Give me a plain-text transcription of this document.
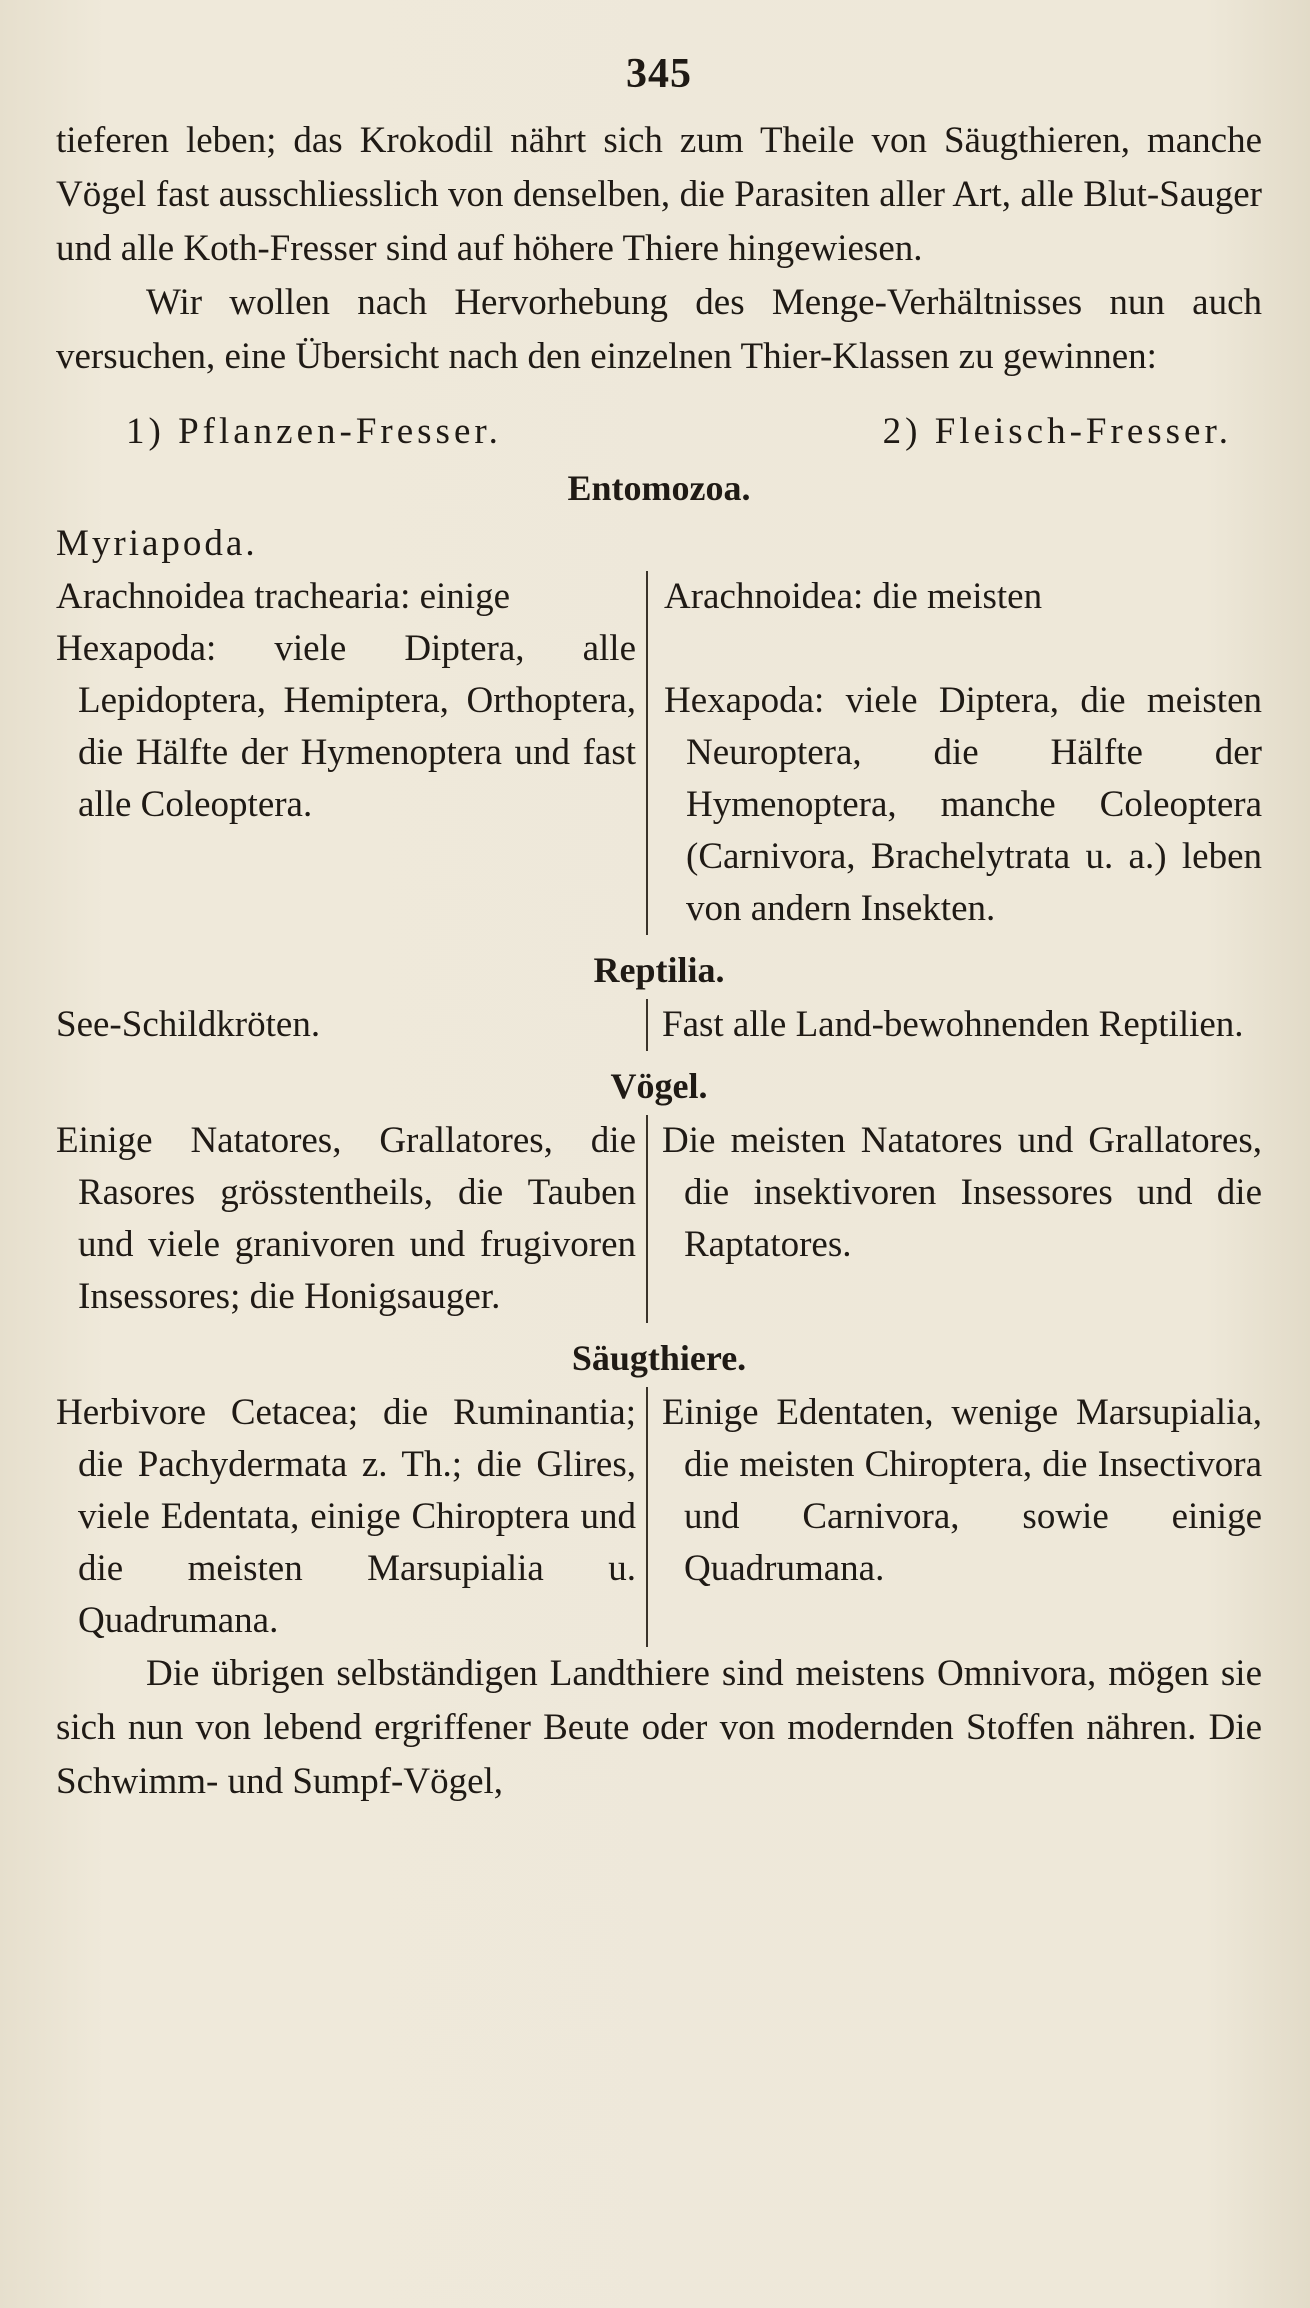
345

tieferen leben; das Krokodil nährt sich zum Theile von Säugthieren, manche Vögel fast ausschliesslich von denselben, die Parasiten aller Art, alle Blut-Sauger und alle Koth-Fresser sind auf höhere Thiere hingewiesen.

Wir wollen nach Hervorhebung des Menge-Verhältnisses nun auch versuchen, eine Übersicht nach den einzelnen Thier-Klassen zu gewinnen:

1) Pflanzen-Fresser.	2) Fleisch-Fresser.
Entomozoa.

Myriapoda.

Arachnoidea trachearia: einige
Hexapoda: viele Diptera, alle Lepidoptera, Hemiptera, Orthoptera, die Hälfte der Hymenoptera und fast alle Coleoptera.
Arachnoidea: die meisten
Hexapoda: viele Diptera, die meisten Neuroptera, die Hälfte der Hymenoptera, manche Coleoptera (Carnivora, Brachelytrata u. a.) leben von andern Insekten.
Reptilia.
See-Schildkröten.	Fast alle Land-bewohnenden Reptilien.
Vögel.
Einige Natatores, Grallatores, die Rasores grösstentheils, die Tauben und viele granivoren und frugivoren Insessores; die Honigsauger.
Die meisten Natatores und Grallatores, die insektivoren Insessores und die Raptatores.
Säugthiere.
Herbivore Cetacea; die Ruminantia; die Pachydermata z. Th.; die Glires, viele Edentata, einige Chiroptera und die meisten Marsupialia u. Quadrumana.
Einige Edentaten, wenige Marsupialia, die meisten Chiroptera, die Insectivora und Carnivora, sowie einige Quadrumana.

Die übrigen selbständigen Landthiere sind meistens Omnivora, mögen sie sich nun von lebend ergriffener Beute oder von modernden Stoffen nähren. Die Schwimm- und Sumpf-Vögel,
